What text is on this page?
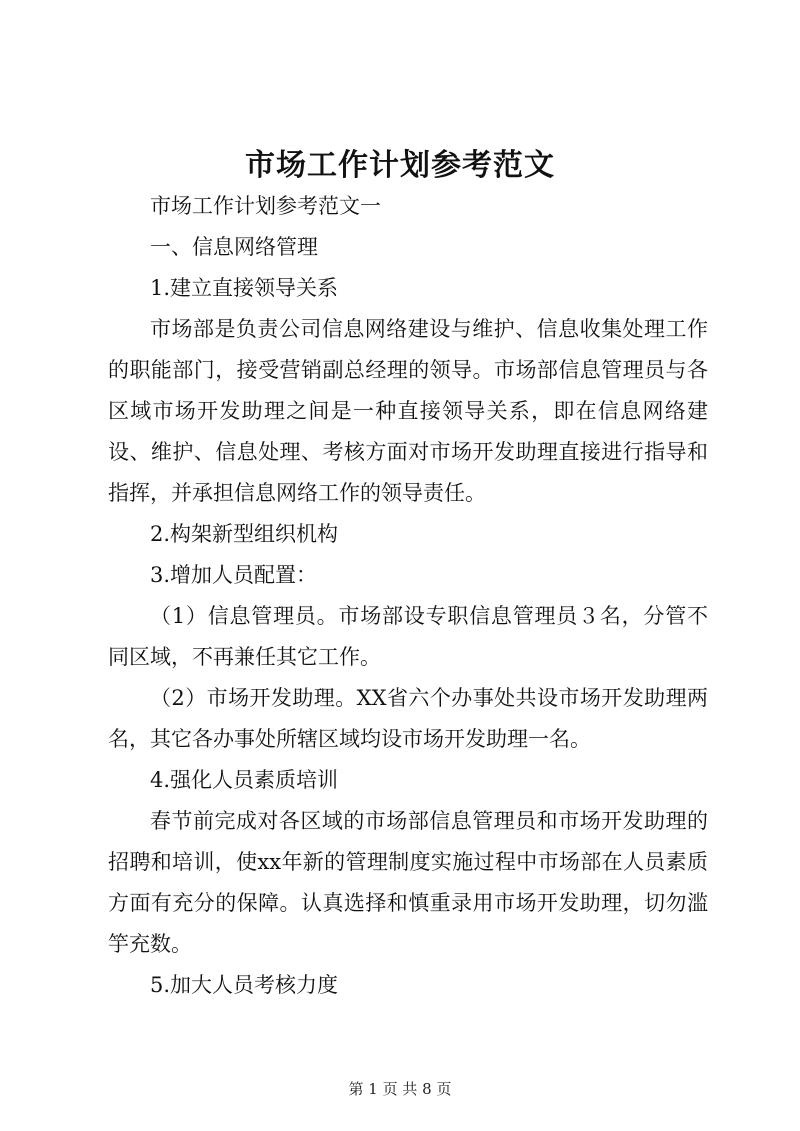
市场工作计划参考范文

市场工作计划参考范文一

一、信息网络管理

1.建立直接领导关系

市场部是负责公司信息网络建设与维护、信息收集处理工作的职能部门，接受营销副总经理的领导。市场部信息管理员与各区域市场开发助理之间是一种直接领导关系，即在信息网络建设、维护、信息处理、考核方面对市场开发助理直接进行指导和指挥，并承担信息网络工作的领导责任。

2.构架新型组织机构

3.增加人员配置：

（1）信息管理员。市场部设专职信息管理员３名，分管不同区域，不再兼任其它工作。

（2）市场开发助理。XX省六个办事处共设市场开发助理两名，其它各办事处所辖区域均设市场开发助理一名。

4.强化人员素质培训

春节前完成对各区域的市场部信息管理员和市场开发助理的招聘和培训，使xx年新的管理制度实施过程中市场部在人员素质方面有充分的保障。认真选择和慎重录用市场开发助理，切勿滥竽充数。

5.加大人员考核力度

第 1 页 共 8 页
